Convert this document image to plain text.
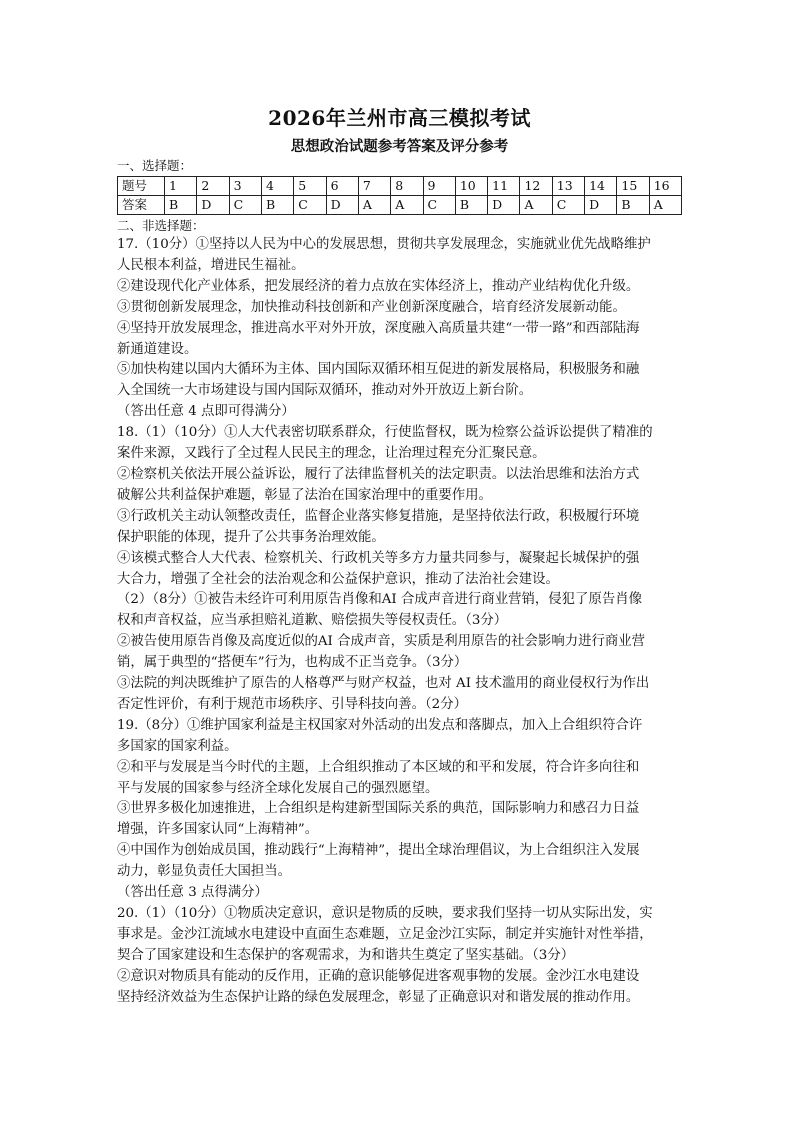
2026年兰州市高三模拟考试
思想政治试题参考答案及评分参考
一、选择题：
题号	1	2	3	4	5	6	7	8	9	10	11	12	13	14	15	16
答案	B	D	C	B	C	D	A	A	C	B	D	A	C	D	B	A
二、非选择题：

17.（10分）①坚持以人民为中心的发展思想，贯彻共享发展理念，实施就业优先战略维护

人民根本利益，增进民生福祉。

②建设现代化产业体系，把发展经济的着力点放在实体经济上，推动产业结构优化升级。

③贯彻创新发展理念，加快推动科技创新和产业创新深度融合，培育经济发展新动能。

④坚持开放发展理念，推进高水平对外开放，深度融入高质量共建“一带一路”和西部陆海

新通道建设。

⑤加快构建以国内大循环为主体、国内国际双循环相互促进的新发展格局，积极服务和融

入全国统一大市场建设与国内国际双循环，推动对外开放迈上新台阶。

（答出任意 4 点即可得满分）

18.（1）（10分）①人大代表密切联系群众，行使监督权，既为检察公益诉讼提供了精准的

案件来源，又践行了全过程人民民主的理念，让治理过程充分汇聚民意。

②检察机关依法开展公益诉讼，履行了法律监督机关的法定职责。以法治思维和法治方式

破解公共利益保护难题，彰显了法治在国家治理中的重要作用。

③行政机关主动认领整改责任，监督企业落实修复措施，是坚持依法行政，积极履行环境

保护职能的体现，提升了公共事务治理效能。

④该模式整合人大代表、检察机关、行政机关等多方力量共同参与，凝聚起长城保护的强

大合力，增强了全社会的法治观念和公益保护意识，推动了法治社会建设。

（2）（8分）①被告未经许可利用原告肖像和AI 合成声音进行商业营销，侵犯了原告肖像

权和声音权益，应当承担赔礼道歉、赔偿损失等侵权责任。（3分）

②被告使用原告肖像及高度近似的AI 合成声音，实质是利用原告的社会影响力进行商业营

销，属于典型的“搭便车”行为，也构成不正当竞争。（3分）

③法院的判决既维护了原告的人格尊严与财产权益，也对 AI 技术滥用的商业侵权行为作出

否定性评价，有利于规范市场秩序、引导科技向善。（2分）

19.（8分）①维护国家利益是主权国家对外活动的出发点和落脚点，加入上合组织符合许

多国家的国家利益。

②和平与发展是当今时代的主题，上合组织推动了本区域的和平和发展，符合许多向往和

平与发展的国家参与经济全球化发展自己的强烈愿望。

③世界多极化加速推进，上合组织是构建新型国际关系的典范，国际影响力和感召力日益

增强，许多国家认同“上海精神”。

④中国作为创始成员国，推动践行“上海精神”，提出全球治理倡议，为上合组织注入发展

动力，彰显负责任大国担当。

（答出任意 3 点得满分）

20.（1）（10分）①物质决定意识，意识是物质的反映，要求我们坚持一切从实际出发，实

事求是。金沙江流域水电建设中直面生态难题，立足金沙江实际，制定并实施针对性举措，

契合了国家建设和生态保护的客观需求，为和谐共生奠定了坚实基础。（3分）

②意识对物质具有能动的反作用，正确的意识能够促进客观事物的发展。金沙江水电建设

坚持经济效益为生态保护让路的绿色发展理念，彰显了正确意识对和谐发展的推动作用。
